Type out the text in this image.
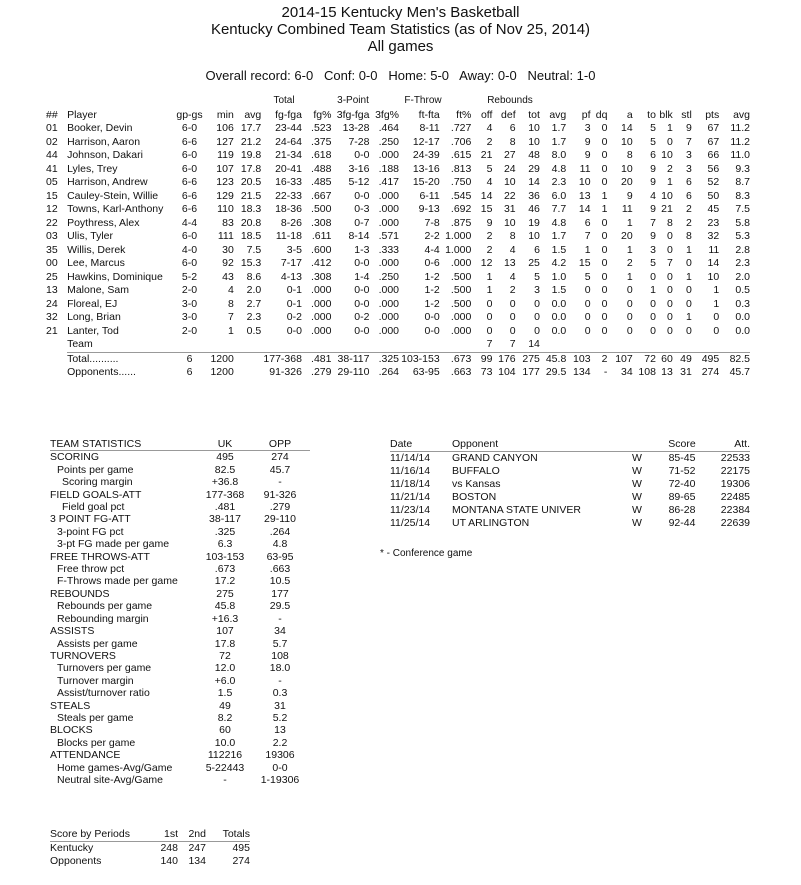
2014-15 Kentucky Men's Basketball
Kentucky Combined Team Statistics (as of Nov 25, 2014)
All games
Overall record: 6-0   Conf: 0-0   Home: 5-0   Away: 0-0   Neutral: 1-0
Total	3-Point	F-Throw	Rebounds
##	Player	gp-gs	min	avg	fg-fga	fg%	3fg-fga	3fg%	ft-fta	ft%	off	def	tot	avg	pf	dq	a	to	blk	stl	pts	avg
01	Booker, Devin	6-0	106	17.7	23-44	.523	13-28	.464	8-11	.727	4	6	10	1.7	3	0	14	5	1	9	67	11.2
02	Harrison, Aaron	6-6	127	21.2	24-64	.375	7-28	.250	12-17	.706	2	8	10	1.7	9	0	10	5	0	7	67	11.2
44	Johnson, Dakari	6-0	119	19.8	21-34	.618	0-0	.000	24-39	.615	21	27	48	8.0	9	0	8	6	10	3	66	11.0
41	Lyles, Trey	6-0	107	17.8	20-41	.488	3-16	.188	13-16	.813	5	24	29	4.8	11	0	10	9	2	3	56	9.3
05	Harrison, Andrew	6-6	123	20.5	16-33	.485	5-12	.417	15-20	.750	4	10	14	2.3	10	0	20	9	1	6	52	8.7
15	Cauley-Stein, Willie	6-6	129	21.5	22-33	.667	0-0	.000	6-11	.545	14	22	36	6.0	13	1	9	4	10	6	50	8.3
12	Towns, Karl-Anthony	6-6	110	18.3	18-36	.500	0-3	.000	9-13	.692	15	31	46	7.7	14	1	11	9	21	2	45	7.5
22	Poythress, Alex	4-4	83	20.8	8-26	.308	0-7	.000	7-8	.875	9	10	19	4.8	6	0	1	7	8	2	23	5.8
03	Ulis, Tyler	6-0	111	18.5	11-18	.611	8-14	.571	2-2	1.000	2	8	10	1.7	7	0	20	9	0	8	32	5.3
35	Willis, Derek	4-0	30	7.5	3-5	.600	1-3	.333	4-4	1.000	2	4	6	1.5	1	0	1	3	0	1	11	2.8
00	Lee, Marcus	6-0	92	15.3	7-17	.412	0-0	.000	0-6	.000	12	13	25	4.2	15	0	2	5	7	0	14	2.3
25	Hawkins, Dominique	5-2	43	8.6	4-13	.308	1-4	.250	1-2	.500	1	4	5	1.0	5	0	1	0	0	1	10	2.0
13	Malone, Sam	2-0	4	2.0	0-1	.000	0-0	.000	1-2	.500	1	2	3	1.5	0	0	0	1	0	0	1	0.5
24	Floreal, EJ	3-0	8	2.7	0-1	.000	0-0	.000	1-2	.500	0	0	0	0.0	0	0	0	0	0	0	1	0.3
32	Long, Brian	3-0	7	2.3	0-2	.000	0-2	.000	0-0	.000	0	0	0	0.0	0	0	0	0	0	1	0	0.0
21	Lanter, Tod	2-0	1	0.5	0-0	.000	0-0	.000	0-0	.000	0	0	0	0.0	0	0	0	0	0	0	0	0.0
	Team										7	7	14									
	Total..........	6	1200		177-368	.481	38-117	.325	103-153	.673	99	176	275	45.8	103	2	107	72	60	49	495	82.5
	Opponents......	6	1200		91-326	.279	29-110	.264	63-95	.663	73	104	177	29.5	134	-	34	108	13	31	274	45.7
TEAM STATISTICS	UK	OPP
SCORING	495	274
Points per game	82.5	45.7
Scoring margin	+36.8	-
FIELD GOALS-ATT	177-368	91-326
Field goal pct	.481	.279
3 POINT FG-ATT	38-117	29-110
3-point FG pct	.325	.264
3-pt FG made per game	6.3	4.8
FREE THROWS-ATT	103-153	63-95
Free throw pct	.673	.663
F-Throws made per game	17.2	10.5
REBOUNDS	275	177
Rebounds per game	45.8	29.5
Rebounding margin	+16.3	-
ASSISTS	107	34
Assists per game	17.8	5.7
TURNOVERS	72	108
Turnovers per game	12.0	18.0
Turnover margin	+6.0	-
Assist/turnover ratio	1.5	0.3
STEALS	49	31
Steals per game	8.2	5.2
BLOCKS	60	13
Blocks per game	10.0	2.2
ATTENDANCE	112216	19306
Home games-Avg/Game	5-22443	0-0
Neutral site-Avg/Game	-	1-19306
Date	Opponent		Score	Att.
11/14/14	GRAND CANYON	W	85-45	22533
11/16/14	BUFFALO	W	71-52	22175
11/18/14	vs Kansas	W	72-40	19306
11/21/14	BOSTON	W	89-65	22485
11/23/14	MONTANA STATE UNIVER	W	86-28	22384
11/25/14	UT ARLINGTON	W	92-44	22639
* - Conference game
Score by Periods	1st	2nd	Totals
Kentucky	248	247	495
Opponents	140	134	274
